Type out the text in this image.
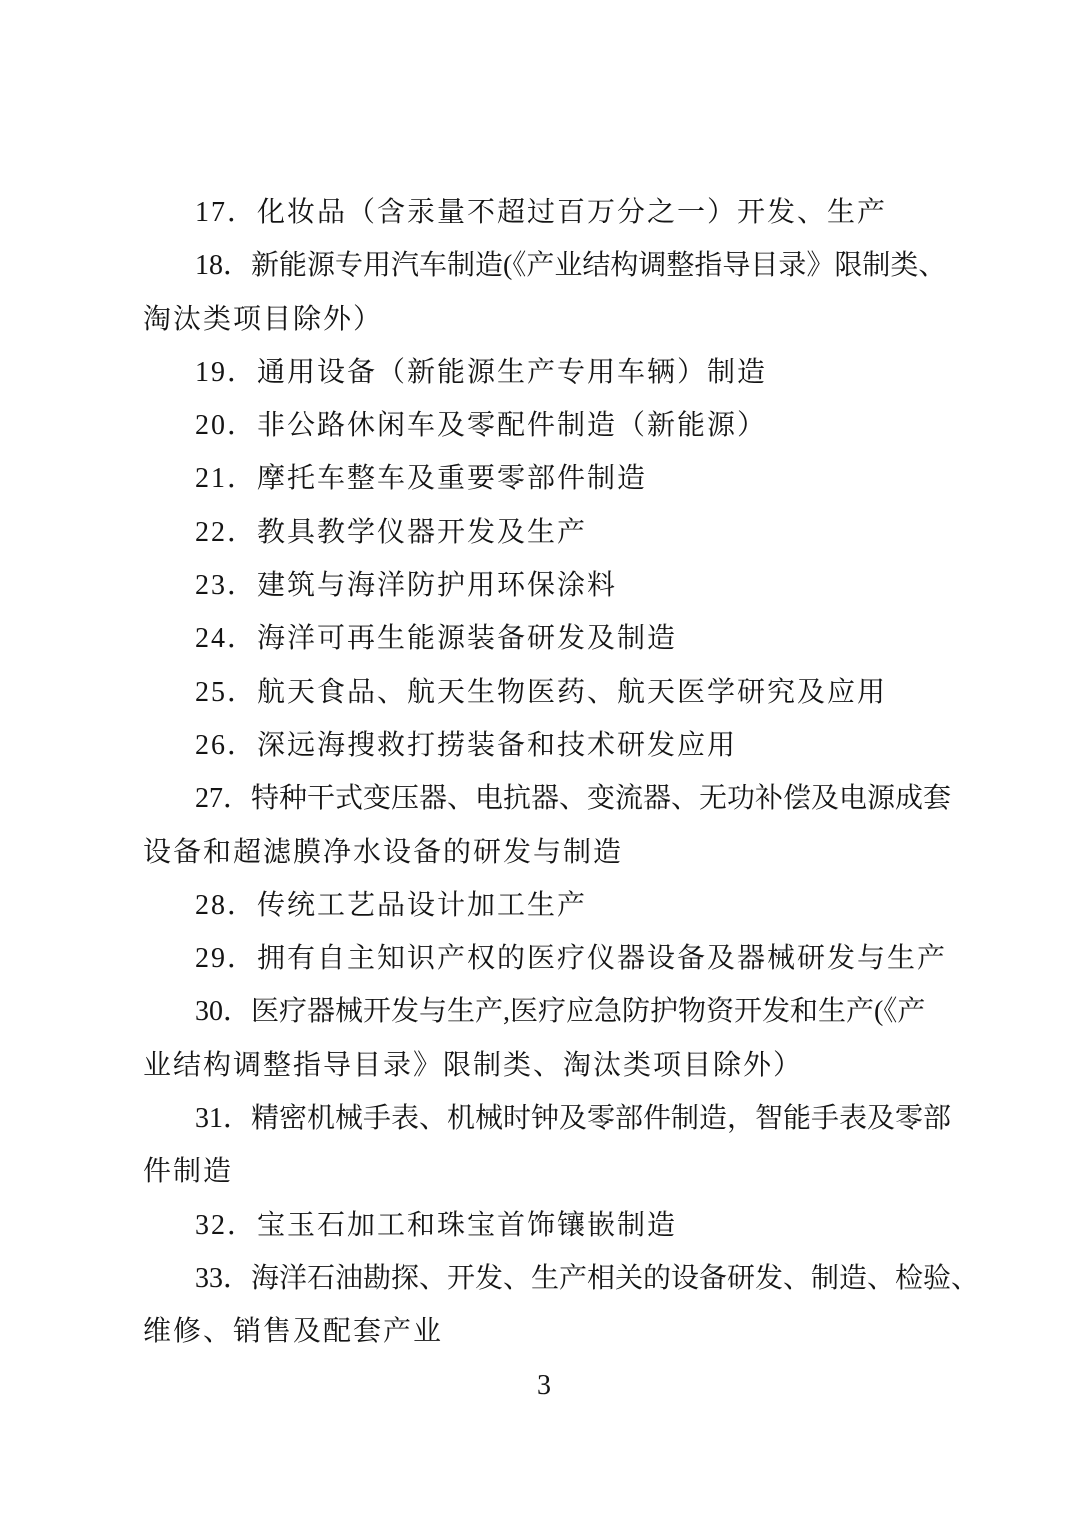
17．化妆品（含汞量不超过百万分之一）开发、生产
18．新能源专用汽车制造(《产业结构调整指导目录》限制类、
淘汰类项目除外）
19．通用设备（新能源生产专用车辆）制造
20．非公路休闲车及零配件制造（新能源）
21．摩托车整车及重要零部件制造
22．教具教学仪器开发及生产
23．建筑与海洋防护用环保涂料
24．海洋可再生能源装备研发及制造
25．航天食品、航天生物医药、航天医学研究及应用
26．深远海搜救打捞装备和技术研发应用
27．特种干式变压器、电抗器、变流器、无功补偿及电源成套
设备和超滤膜净水设备的研发与制造
28．传统工艺品设计加工生产
29．拥有自主知识产权的医疗仪器设备及器械研发与生产
30．医疗器械开发与生产,医疗应急防护物资开发和生产(《产
业结构调整指导目录》限制类、淘汰类项目除外）
31．精密机械手表、机械时钟及零部件制造，智能手表及零部
件制造
32．宝玉石加工和珠宝首饰镶嵌制造
33．海洋石油勘探、开发、生产相关的设备研发、制造、检验、
维修、销售及配套产业
3
